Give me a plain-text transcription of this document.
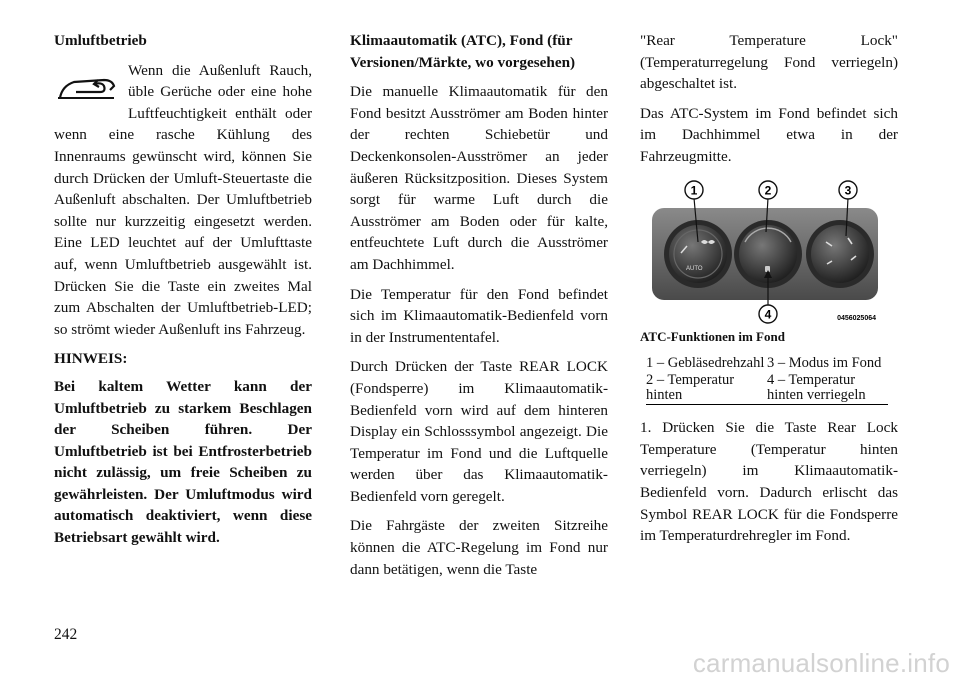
Umluftbetrieb

Wenn die Außenluft Rauch, üble Gerüche oder eine hohe Luftfeuchtigkeit enthält oder wenn eine rasche Kühlung des Innenraums gewünscht wird, können Sie durch Drücken der Umluft-Steuertaste die Außenluft abschalten. Der Umluftbetrieb sollte nur kurzzeitig eingesetzt werden. Eine LED leuchtet auf der Umlufttaste auf, wenn Umluftbetrieb ausgewählt ist. Drücken Sie die Taste ein zweites Mal zum Abschalten der Umluftbetrieb-LED; so strömt wieder Außenluft ins Fahrzeug.

HINWEIS:

Bei kaltem Wetter kann der Umluftbetrieb zu starkem Beschlagen der Scheiben führen. Der Umluftbetrieb ist bei Entfrosterbetrieb nicht zulässig, um freie Scheiben zu gewährleisten. Der Umluftmodus wird automatisch deaktiviert, wenn diese Betriebsart gewählt wird.

Klimaautomatik (ATC), Fond (für Versionen/Märkte, wo vorgesehen)

Die manuelle Klimaautomatik für den Fond besitzt Ausströmer am Boden hinter der rechten Schiebetür und Deckenkonsolen-Ausströmer an jeder äußeren Rücksitzposition. Dieses System sorgt für warme Luft durch die Ausströmer am Boden oder für kalte, entfeuchtete Luft durch die Ausströmer am Dachhimmel.

Die Temperatur für den Fond befindet sich im Klimaautomatik-Bedienfeld vorn in der Instrumententafel.

Durch Drücken der Taste REAR LOCK (Fondsperre) im Klimaautomatik-Bedienfeld vorn wird auf dem hinteren Display ein Schlosssymbol angezeigt. Die Temperatur im Fond und die Luftquelle werden über das Klimaautomatik-Bedienfeld vorn geregelt.

Die Fahrgäste der zweiten Sitzreihe können die ATC-Regelung im Fond nur dann betätigen, wenn die Taste

"Rear Temperature Lock" (Temperaturregelung Fond verriegeln) abgeschaltet ist.

Das ATC-System im Fond befindet sich im Dachhimmel etwa in der Fahrzeugmitte.

1	2	3
4
AUTO
0456025064

ATC-Funktionen im Fond

1 – Gebläsedrehzahl	3 – Modus im Fond
2 – Temperatur hinten	4 – Temperatur hinten verriegeln

1. Drücken Sie die Taste Rear Lock Temperature (Temperatur hinten verriegeln) im Klimaautomatik-Bedienfeld vorn. Dadurch erlischt das Symbol REAR LOCK für die Fondsperre im Temperaturdrehregler im Fond.

242
carmanualsonline.info
